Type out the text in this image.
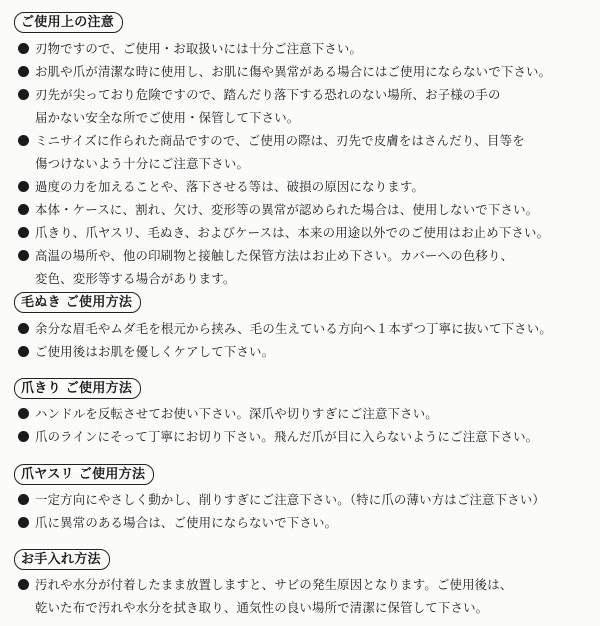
ご使用上の注意
刃物ですので、ご使用・お取扱いには十分ご注意下さい。
お肌や爪が清潔な時に使用し、お肌に傷や異常がある場合にはご使用にならないで下さい。
刃先が尖っており危険ですので、踏んだり落下する恐れのない場所、お子様の手の
届かない安全な所でご使用・保管して下さい。
ミニサイズに作られた商品ですので、ご使用の際は、刃先で皮膚をはさんだり、目等を
傷つけないよう十分にご注意下さい。
過度の力を加えることや、落下させる等は、破損の原因になります。
本体・ケースに、割れ、欠け、変形等の異常が認められた場合は、使用しないで下さい。
爪きり、爪ヤスリ、毛ぬき、およびケースは、本来の用途以外でのご使用はお止め下さい。
高温の場所や、他の印刷物と接触した保管方法はお止め下さい。カバーへの色移り、
変色、変形等する場合があります。
毛ぬき ご使用方法
余分な眉毛やムダ毛を根元から挟み、毛の生えている方向へ１本ずつ丁寧に抜いて下さい。
ご使用後はお肌を優しくケアして下さい。
爪きり ご使用方法
ハンドルを反転させてお使い下さい。深爪や切りすぎにご注意下さい。
爪のラインにそって丁寧にお切り下さい。飛んだ爪が目に入らないようにご注意下さい。
爪ヤスリ ご使用方法
一定方向にやさしく動かし、削りすぎにご注意下さい。（特に爪の薄い方はご注意下さい）
爪に異常のある場合は、ご使用にならないで下さい。
お手入れ方法
汚れや水分が付着したまま放置しますと、サビの発生原因となります。ご使用後は、
乾いた布で汚れや水分を拭き取り、通気性の良い場所で清潔に保管して下さい。
